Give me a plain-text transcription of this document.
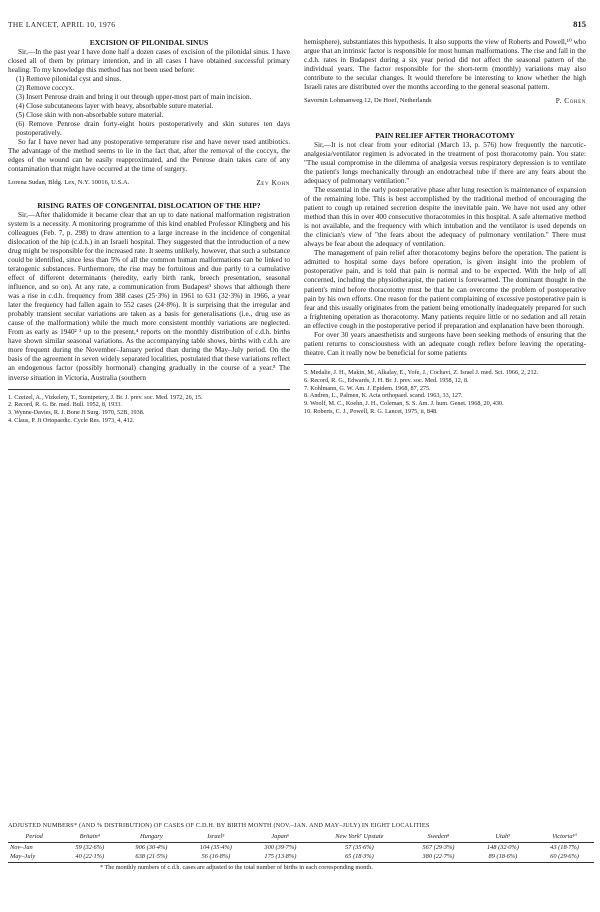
THE LANCET, APRIL 10, 1976	815

EXCISION OF PILONIDAL SINUS

Sir,—In the past year I have done half a dozen cases of excision of the pilonidal sinus. I have closed all of them by primary intention, and in all cases I have obtained successful primary healing. To my knowledge this method has not been used before:

(1) Remove pilonidal cyst and sinus.

(2) Remove coccyx.

(3) Insert Penrose drain and bring it out through upper-most part of main incision.

(4) Close subcutaneous layer with heavy, absorbable suture material.

(5) Close skin with non-absorbable suture material.

(6) Remove Penrose drain forty-eight hours postoperatively and skin sutures ten days postoperatively.

So far I have never had any postoperative temperature rise and have never used antibiotics. The advantage of the method seems to lie in the fact that, after the removal of the coccyx, the edges of the wound can be easily reapproximated, and the Penrose drain takes care of any contamination that might have occurred at the time of surgery.

Lorena Sudan, Bldg. Lex, N.Y. 10016, U.S.A.	Zev Kohn

RISING RATES OF CONGENITAL DISLOCATION OF THE HIP?

Sir,—After thalidomide it became clear that an up to date national malformation registration system is a necessity. A monitoring programme of this kind enabled Professor Klingberg and his colleagues (Feb. 7, p. 298) to draw attention to a large increase in the incidence of congenital dislocation of the hip (c.d.h.) in an Israeli hospital. They suggested that the introduction of a new drug might be responsible for the increased rate. It seems unlikely, however, that such a substance could be identified, since less than 5% of all the common human malformations can be linked to teratogenic substances. Furthermore, the rise may be fortuitous and due partly to a cumulative effect of different determinants (heredity, early birth rank, breech presentation, seasonal influence, and so on). At any rate, a communication from Budapest¹ shows that although there was a rise in c.d.h. frequency from 388 cases (25·3%) in 1961 to 631 (32·3%) in 1966, a year later the frequency had fallen again to 552 cases (24·8%). It is surprising that the irregular and probably transient secular variations are taken as a basis for generalisations (i.e., drug use as cause of the malformation) while the much more consistent monthly variations are neglected. From as early as 1940² ³ up to the present,⁴ reports on the monthly distribution of c.d.h. births have shown similar seasonal variations. As the accompanying table shows, births with c.d.h. are more frequent during the November–January period than during the May–July period. On the basis of the agreement in seven widely separated localities, postulated that these variations reflect an endogenous factor (possibly hormonal) changing gradually in the course of a year.⁸ The inverse situation in Victoria, Australia (southern

1. Czeizel, A., Vizkelety, T., Szentpetery, J. Br. J. prev. soc. Med. 1972, 26, 15.

2. Record, R. G. Br. med. Bull. 1952, 8, 1933.

3. Wynne-Davies, R. J. Bone Jt Surg. 1970, 52B, 1938.

4. Claus, P. Jt Ortopaedic. Cycle Res. 1973, 4, 412.

hemisphere), substantiates this hypothesis. It also supports the view of Roberts and Powell,¹⁰ who argue that an intrinsic factor is responsible for most human malformations. The rise and fall in the c.d.h. rates in Budapest during a six year period did not affect the seasonal pattern of the individual years. The factor responsible for the short-term (monthly) variations may also contribute to the secular changes. It would therefore be interesting to know whether the high Israeli rates are distributed over the months according to the general seasonal pattern.

Savornin Lohmanweg 12, De Hoef, Netherlands	P. Cohen

PAIN RELIEF AFTER THORACOTOMY

Sir,—It is not clear from your editorial (March 13, p. 576) how frequently the narcotic-analgesia/ventilator regimen is advocated in the treatment of post thoracotomy pain. You state: "The usual compromise in the dilemma of analgesia versus respiratory depression is to ventilate the patient's lungs mechanically through an endotracheal tube if there are any fears about the adequacy of pulmonary ventilation."

The essential in the early postoperative phase after lung resection is maintenance of expansion of the remaining lobe. This is best accomplished by the traditional method of encouraging the patient to cough up retained secretion despite the inevitable pain. We have not used any other method than this in over 400 consecutive thoracotomies in this hospital. A safe alternative method is not available, and the frequency with which intubation and the ventilator is used depends on the clinician's view of "the fears about the adequacy of pulmonary ventilation." There must always be fear about the adequacy of ventilation.

The management of pain relief after thoracotomy begins before the operation. The patient is admitted to hospital some days before operation, is given insight into the problem of postoperative pain, and is told that pain is normal and to be expected. With the help of all concerned, including the physiotherapist, the patient is forewarned. The dominant thought in the patient's mind before thoracotomy must be that he can overcome the problem of postoperative pain by his own efforts. One reason for the patient complaining of excessive postoperative pain is fear and this usually originates from the patient being emotionally inadequately prepared for such a frightening operation as thoracotomy. Many patients require little or no sedation and all retain an effective cough in the postoperative period if preparation and explanation have been thorough.

For over 30 years anaesthetists and surgeons have been seeking methods of ensuring that the patient returns to consciousness with an adequate cough reflex before leaving the operating-theatre. Can it really now be beneficial for some patients

5. Medalie, J. H., Makin, M., Alkalay, E., Yofe, J., Cochavi, Z. Israel J. med. Sci. 1966, 2, 212.

6. Record, R. G., Edwards, J. H. Br. J. prev. soc. Med. 1958, 12, 8.

7. Kohlmann, G. W. Am. J. Epidem. 1968, 87, 275.

8. Andren, L., Palmen, K. Acta orthopaed. scand. 1963, 33, 127.

9. Woolf, M. C., Koehn, J. H., Coleman, S. S. Am. J. hum. Genet. 1968, 20, 430.

10. Roberts, C. J., Powell, R. G. Lancet, 1975, ii, 848.

ADJUSTED NUMBERS* (AND % DISTRIBUTION) OF CASES OF C.D.H. BY BIRTH MONTH (NOV.–JAN. AND MAY–JULY) IN EIGHT LOCALITIES
Period	Britain⁴	Hungary	Israel⁵	Japan⁶	New York⁷ Upstate	Sweden⁸	Utah⁹	Victoria¹⁰
Nov–Jan	59 (32·6%)	906 (30·4%)	104 (35·4%)	300 (39·7%)	57 (35·6%)	567 (29·3%)	148 (32·0%)	43 (18·7%)
May–July	40 (22·1%)	638 (21·5%)	56 (16·8%)	175 (13·8%)	65 (18·3%)	380 (22·7%)	89 (18·6%)	60 (29·6%)
* The monthly numbers of c.d.h. cases are adjusted to the total number of births in each corresponding month.
